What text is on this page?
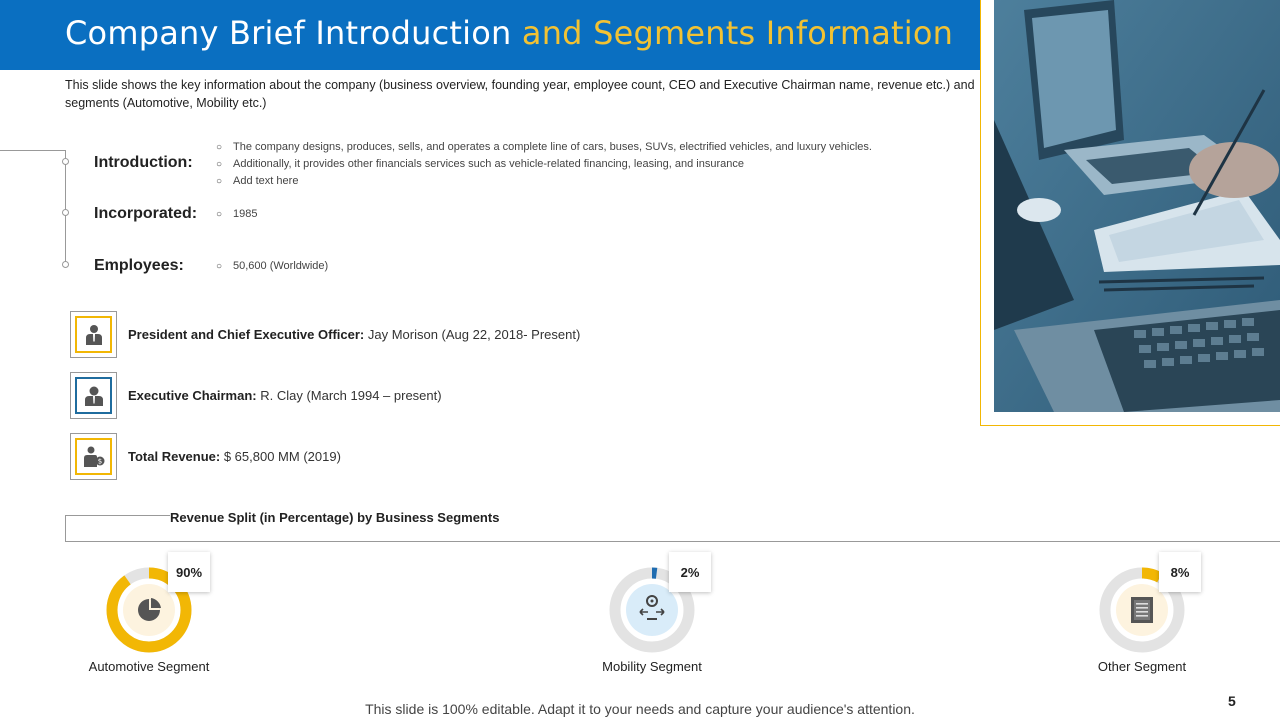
Company Brief Introduction and Segments Information
This slide shows the key information about the company (business overview, founding year, employee count, CEO and Executive Chairman name, revenue etc.) and segments (Automotive, Mobility etc.)
Introduction:
○ The company designs, produces, sells, and operates a complete line of cars, buses, SUVs, electrified vehicles, and luxury vehicles.
○ Additionally, it provides other financials services such as vehicle-related financing, leasing, and insurance
○ Add text here
Incorporated: ○ 1985
Employees:	○ 50,600 (Worldwide)
President and Chief Executive Officer: Jay Morison (Aug 22, 2018- Present)
Executive Chairman: R. Clay (March 1994 – present)
$ Total Revenue: $ 65,800 MM (2019)
Revenue Split (in Percentage) by Business Segments
90%
Automotive Segment
2%
Mobility Segment
8%
Other Segment
This slide is 100% editable. Adapt it to your needs and capture your audience's attention.	5
